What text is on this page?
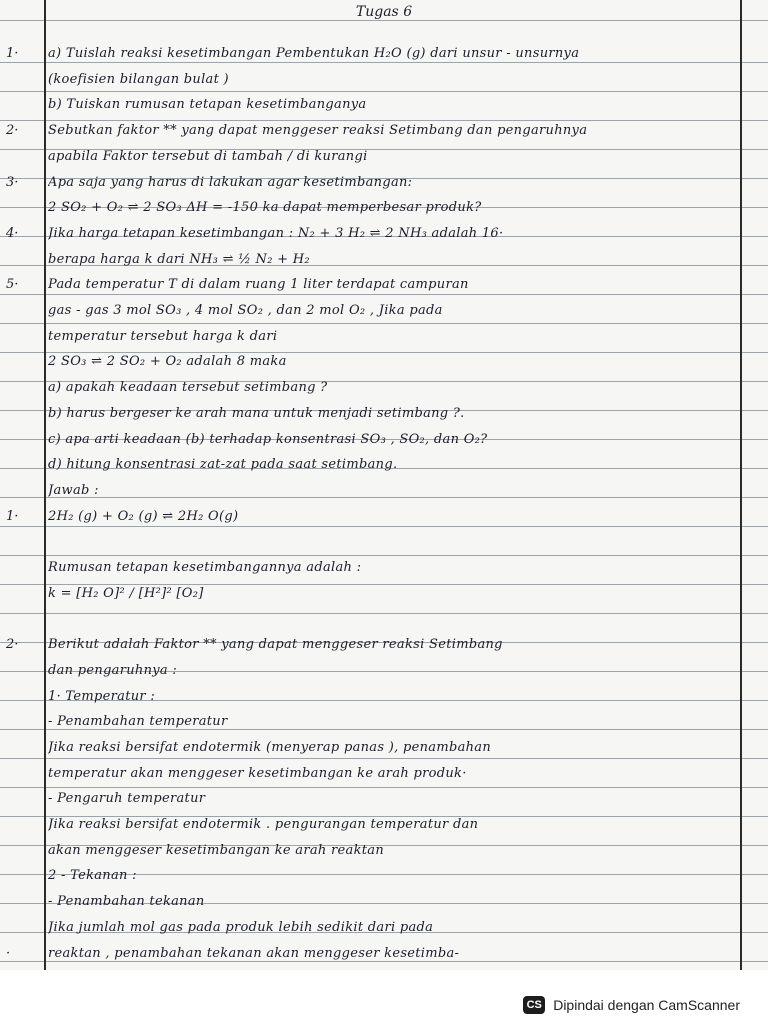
Tugas 6
1·	a) Tuislah reaksi kesetimbangan Pembentukan H₂O (g) dari unsur - unsurnya
(koefisien bilangan bulat )
b) Tuiskan rumusan tetapan kesetimbanganya
2·	Sebutkan faktor ** yang dapat menggeser reaksi Setimbang dan pengaruhnya
apabila Faktor tersebut di tambah / di kurangi
3·	Apa saja yang harus di lakukan agar kesetimbangan:
2 SO₂ + O₂ ⇌ 2 SO₃ ΔH = -150 ka dapat memperbesar produk?
4·	Jika harga tetapan kesetimbangan : N₂ + 3 H₂ ⇌ 2 NH₃ adalah 16·
berapa harga k dari NH₃ ⇌ ½ N₂ + H₂
5·	Pada temperatur T di dalam ruang 1 liter terdapat campuran
gas - gas 3 mol SO₃ , 4 mol SO₂ , dan 2 mol O₂ , Jika pada
temperatur tersebut harga k dari
2 SO₃ ⇌ 2 SO₂ + O₂ adalah 8 maka
a) apakah keadaan tersebut setimbang ?
b) harus bergeser ke arah mana untuk menjadi setimbang ?.
c) apa arti keadaan (b) terhadap konsentrasi SO₃ , SO₂, dan O₂?
d) hitung konsentrasi zat-zat pada saat setimbang.
Jawab :
1·	2H₂ (g) + O₂ (g) ⇌ 2H₂ O(g)
Rumusan tetapan kesetimbangannya adalah :
k = [H₂ O]² / [H²]² [O₂]
2·	Berikut adalah Faktor ** yang dapat menggeser reaksi Setimbang
dan pengaruhnya :
1· Temperatur :
- Penambahan temperatur
Jika reaksi bersifat endotermik (menyerap panas ), penambahan
temperatur akan menggeser kesetimbangan ke arah produk·
- Pengaruh temperatur
Jika reaksi bersifat endotermik . pengurangan temperatur dan
akan menggeser kesetimbangan ke arah reaktan
2 - Tekanan :
- Penambahan tekanan
Jika jumlah mol gas pada produk lebih sedikit dari pada
·	reaktan , penambahan tekanan akan menggeser kesetimba-
CS Dipindai dengan CamScanner
